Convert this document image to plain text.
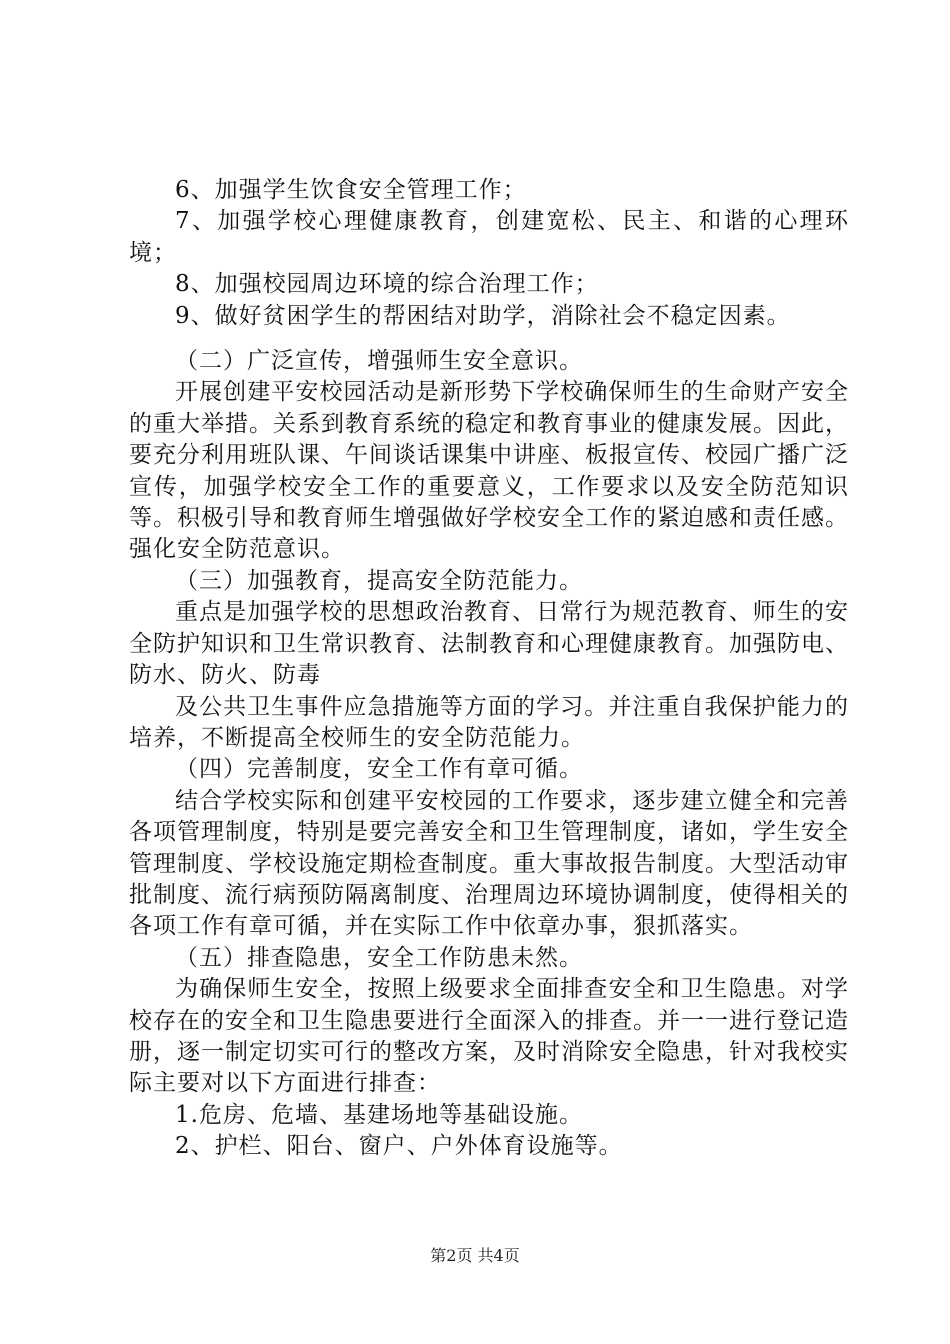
6、加强学生饮食安全管理工作；

7、加强学校心理健康教育，创建宽松、民主、和谐的心理环境；

8、加强校园周边环境的综合治理工作；

9、做好贫困学生的帮困结对助学，消除社会不稳定因素。

（二）广泛宣传，增强师生安全意识。

开展创建平安校园活动是新形势下学校确保师生的生命财产安全的重大举措。关系到教育系统的稳定和教育事业的健康发展。因此，要充分利用班队课、午间谈话课集中讲座、板报宣传、校园广播广泛宣传，加强学校安全工作的重要意义，工作要求以及安全防范知识等。积极引导和教育师生增强做好学校安全工作的紧迫感和责任感。强化安全防范意识。

（三）加强教育，提高安全防范能力。

重点是加强学校的思想政治教育、日常行为规范教育、师生的安全防护知识和卫生常识教育、法制教育和心理健康教育。加强防电、防水、防火、防毒

及公共卫生事件应急措施等方面的学习。并注重自我保护能力的培养，不断提高全校师生的安全防范能力。

（四）完善制度，安全工作有章可循。

结合学校实际和创建平安校园的工作要求，逐步建立健全和完善各项管理制度，特别是要完善安全和卫生管理制度，诸如，学生安全管理制度、学校设施定期检查制度。重大事故报告制度。大型活动审批制度、流行病预防隔离制度、治理周边环境协调制度，使得相关的各项工作有章可循，并在实际工作中依章办事，狠抓落实。

（五）排查隐患，安全工作防患未然。

为确保师生安全，按照上级要求全面排查安全和卫生隐患。对学校存在的安全和卫生隐患要进行全面深入的排查。并一一进行登记造册，逐一制定切实可行的整改方案，及时消除安全隐患，针对我校实际主要对以下方面进行排查：

1.危房、危墙、基建场地等基础设施。

2、护栏、阳台、窗户、户外体育设施等。

第2页 共4页
